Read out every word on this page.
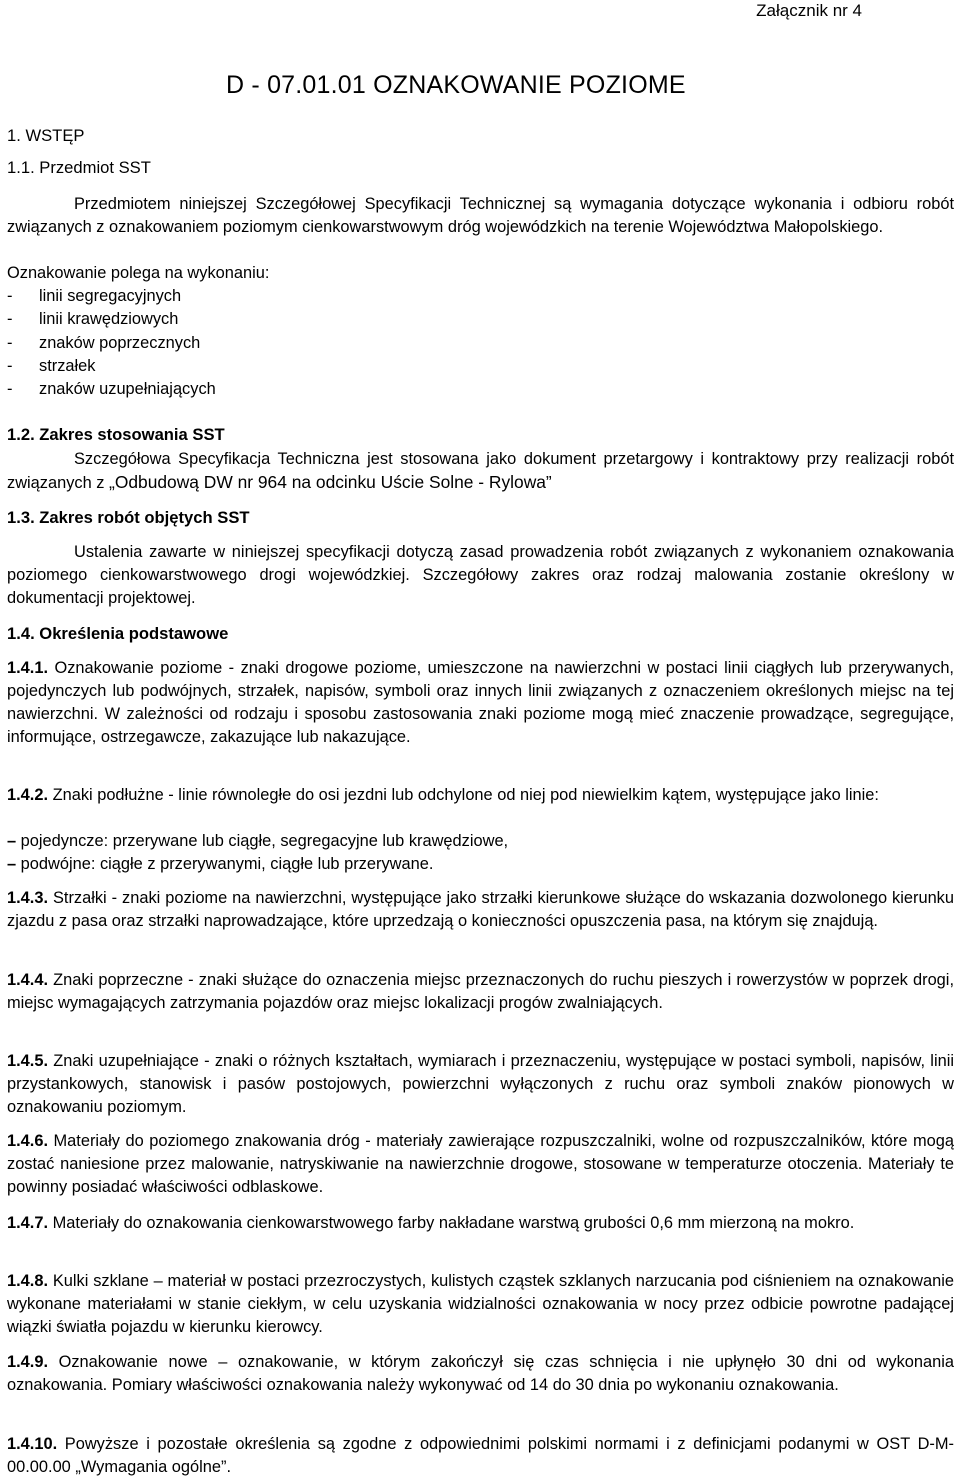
Załącznik nr 4
D - 07.01.01 OZNAKOWANIE POZIOME
1. WSTĘP
1.1. Przedmiot SST
Przedmiotem niniejszej Szczegółowej Specyfikacji Technicznej są wymagania dotyczące wykonania i odbioru robót związanych z oznakowaniem poziomym cienkowarstwowym dróg wojewódzkich na terenie Województwa Małopolskiego.
Oznakowanie polega na wykonaniu:
- linii segregacyjnych
- linii krawędziowych
- znaków poprzecznych
- strzałek
- znaków uzupełniających
1.2. Zakres stosowania SST
Szczegółowa Specyfikacja Techniczna jest stosowana jako dokument przetargowy i kontraktowy przy realizacji robót związanych z „Odbudową DW nr 964 na odcinku Uście Solne - Rylowa”
1.3. Zakres robót objętych SST
Ustalenia zawarte w niniejszej specyfikacji dotyczą zasad prowadzenia robót związanych z wykonaniem oznakowania poziomego cienkowarstwowego drogi wojewódzkiej. Szczegółowy zakres oraz rodzaj malowania zostanie określony w dokumentacji projektowej.
1.4. Określenia podstawowe
1.4.1. Oznakowanie poziome - znaki drogowe poziome, umieszczone na nawierzchni w postaci linii ciągłych lub przerywanych, pojedynczych lub podwójnych, strzałek, napisów, symboli oraz innych linii związanych z oznaczeniem określonych miejsc na tej nawierzchni. W zależności od rodzaju i sposobu zastosowania znaki poziome mogą mieć znaczenie prowadzące, segregujące, informujące, ostrzegawcze, zakazujące lub nakazujące.
1.4.2. Znaki podłużne - linie równoległe do osi jezdni lub odchylone od niej pod niewielkim kątem, występujące jako linie:
– pojedyncze: przerywane lub ciągłe, segregacyjne lub krawędziowe,
– podwójne: ciągłe z przerywanymi, ciągłe lub przerywane.
1.4.3. Strzałki - znaki poziome na nawierzchni, występujące jako strzałki kierunkowe służące do wskazania dozwolonego kierunku zjazdu z pasa oraz strzałki naprowadzające, które uprzedzają o konieczności opuszczenia pasa, na którym się znajdują.
1.4.4. Znaki poprzeczne - znaki służące do oznaczenia miejsc przeznaczonych do ruchu pieszych i rowerzystów w poprzek drogi, miejsc wymagających zatrzymania pojazdów oraz miejsc lokalizacji progów zwalniających.
1.4.5. Znaki uzupełniające - znaki o różnych kształtach, wymiarach i przeznaczeniu, występujące w postaci symboli, napisów, linii przystankowych, stanowisk i pasów postojowych, powierzchni wyłączonych z ruchu oraz symboli znaków pionowych w oznakowaniu poziomym.
1.4.6. Materiały do poziomego znakowania dróg - materiały zawierające rozpuszczalniki, wolne od rozpuszczalników, które mogą zostać naniesione przez malowanie, natryskiwanie na nawierzchnie drogowe, stosowane w temperaturze otoczenia. Materiały te powinny posiadać właściwości odblaskowe.
1.4.7. Materiały do oznakowania cienkowarstwowego farby nakładane warstwą grubości 0,6 mm mierzoną na mokro.
1.4.8. Kulki szklane – materiał w postaci przezroczystych, kulistych cząstek szklanych narzucania pod ciśnieniem na oznakowanie wykonane materiałami w stanie ciekłym, w celu uzyskania widzialności oznakowania w nocy przez odbicie powrotne padającej wiązki światła pojazdu w kierunku kierowcy.
1.4.9. Oznakowanie nowe – oznakowanie, w którym zakończył się czas schnięcia i nie upłynęło 30 dni od wykonania oznakowania. Pomiary właściwości oznakowania należy wykonywać od 14 do 30 dnia po wykonaniu oznakowania.
1.4.10. Powyższe i pozostałe określenia są zgodne z odpowiednimi polskimi normami i z definicjami podanymi w OST D-M-00.00.00 „Wymagania ogólne”.
